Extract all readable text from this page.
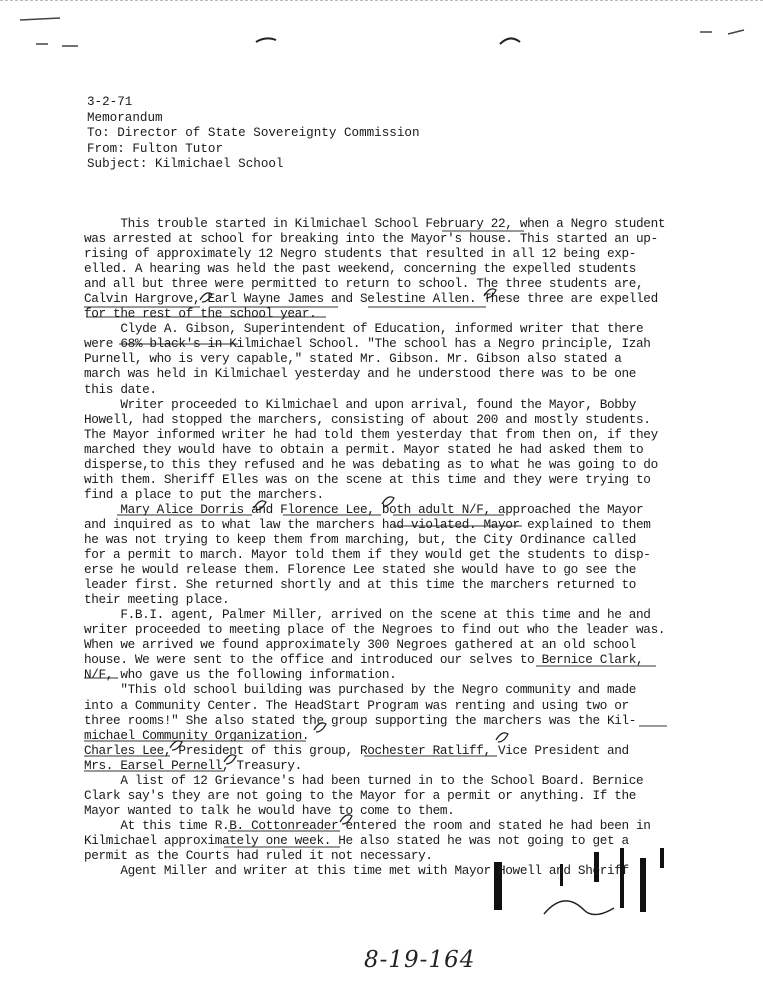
3-2-71
Memorandum
To: Director of State Sovereignty Commission
From: Fulton Tutor
Subject: Kilmichael School
This trouble started in Kilmichael School February 22, when a Negro student
was arrested at school for breaking into the Mayor's house. This started an up-
rising of approximately 12 Negro students that resulted in all 12 being exp-
elled. A hearing was held the past weekend, concerning the expelled students
and all but three were permitted to return to school. The three students are,
Calvin Hargrove, Earl Wayne James and Selestine Allen. These three are expelled
for the rest of the school year.
Clyde A. Gibson, Superintendent of Education, informed writer that there
were 68% black's in Kilmichael School. "The school has a Negro principle, Izah
Purnell, who is very capable," stated Mr. Gibson. Mr. Gibson also stated a
march was held in Kilmichael yesterday and he understood there was to be one
this date.
Writer proceeded to Kilmichael and upon arrival, found the Mayor, Bobby
Howell, had stopped the marchers, consisting of about 200 and mostly students.
The Mayor informed writer he had told them yesterday that from then on, if they
marched they would have to obtain a permit. Mayor stated he had asked them to
disperse,to this they refused and he was debating as to what he was going to do
with them. Sheriff Elles was on the scene at this time and they were trying to
find a place to put the marchers.
Mary Alice Dorris and Florence Lee, both adult N/F, approached the Mayor
and inquired as to what law the marchers had violated. Mayor explained to them
he was not trying to keep them from marching, but, the City Ordinance called
for a permit to march. Mayor told them if they would get the students to disp-
erse he would release them. Florence Lee stated she would have to go see the
leader first. She returned shortly and at this time the marchers returned to
their meeting place.
F.B.I. agent, Palmer Miller, arrived on the scene at this time and he and
writer proceeded to meeting place of the Negroes to find out who the leader was.
When we arrived we found approximately 300 Negroes gathered at an old school
house. We were sent to the office and introduced our selves to Bernice Clark,
N/F, who gave us the following information.
"This old school building was purchased by the Negro community and made
into a Community Center. The HeadStart Program was renting and using two or
three rooms!" She also stated the group supporting the marchers was the Kil-
michael Community Organization.
Charles Lee, President of this group, Rochester Ratliff, Vice President and
Mrs. Earsel Pernell, Treasury.
A list of 12 Grievance's had been turned in to the School Board. Bernice
Clark say's they are not going to the Mayor for a permit or anything. If the
Mayor wanted to talk he would have to come to them.
At this time R.B. Cottonreader entered the room and stated he had been in
Kilmichael approximately one week. He also stated he was not going to get a
permit as the Courts had ruled it not necessary.
Agent Miller and writer at this time met with Mayor Howell and Sheriff
8-19-164
